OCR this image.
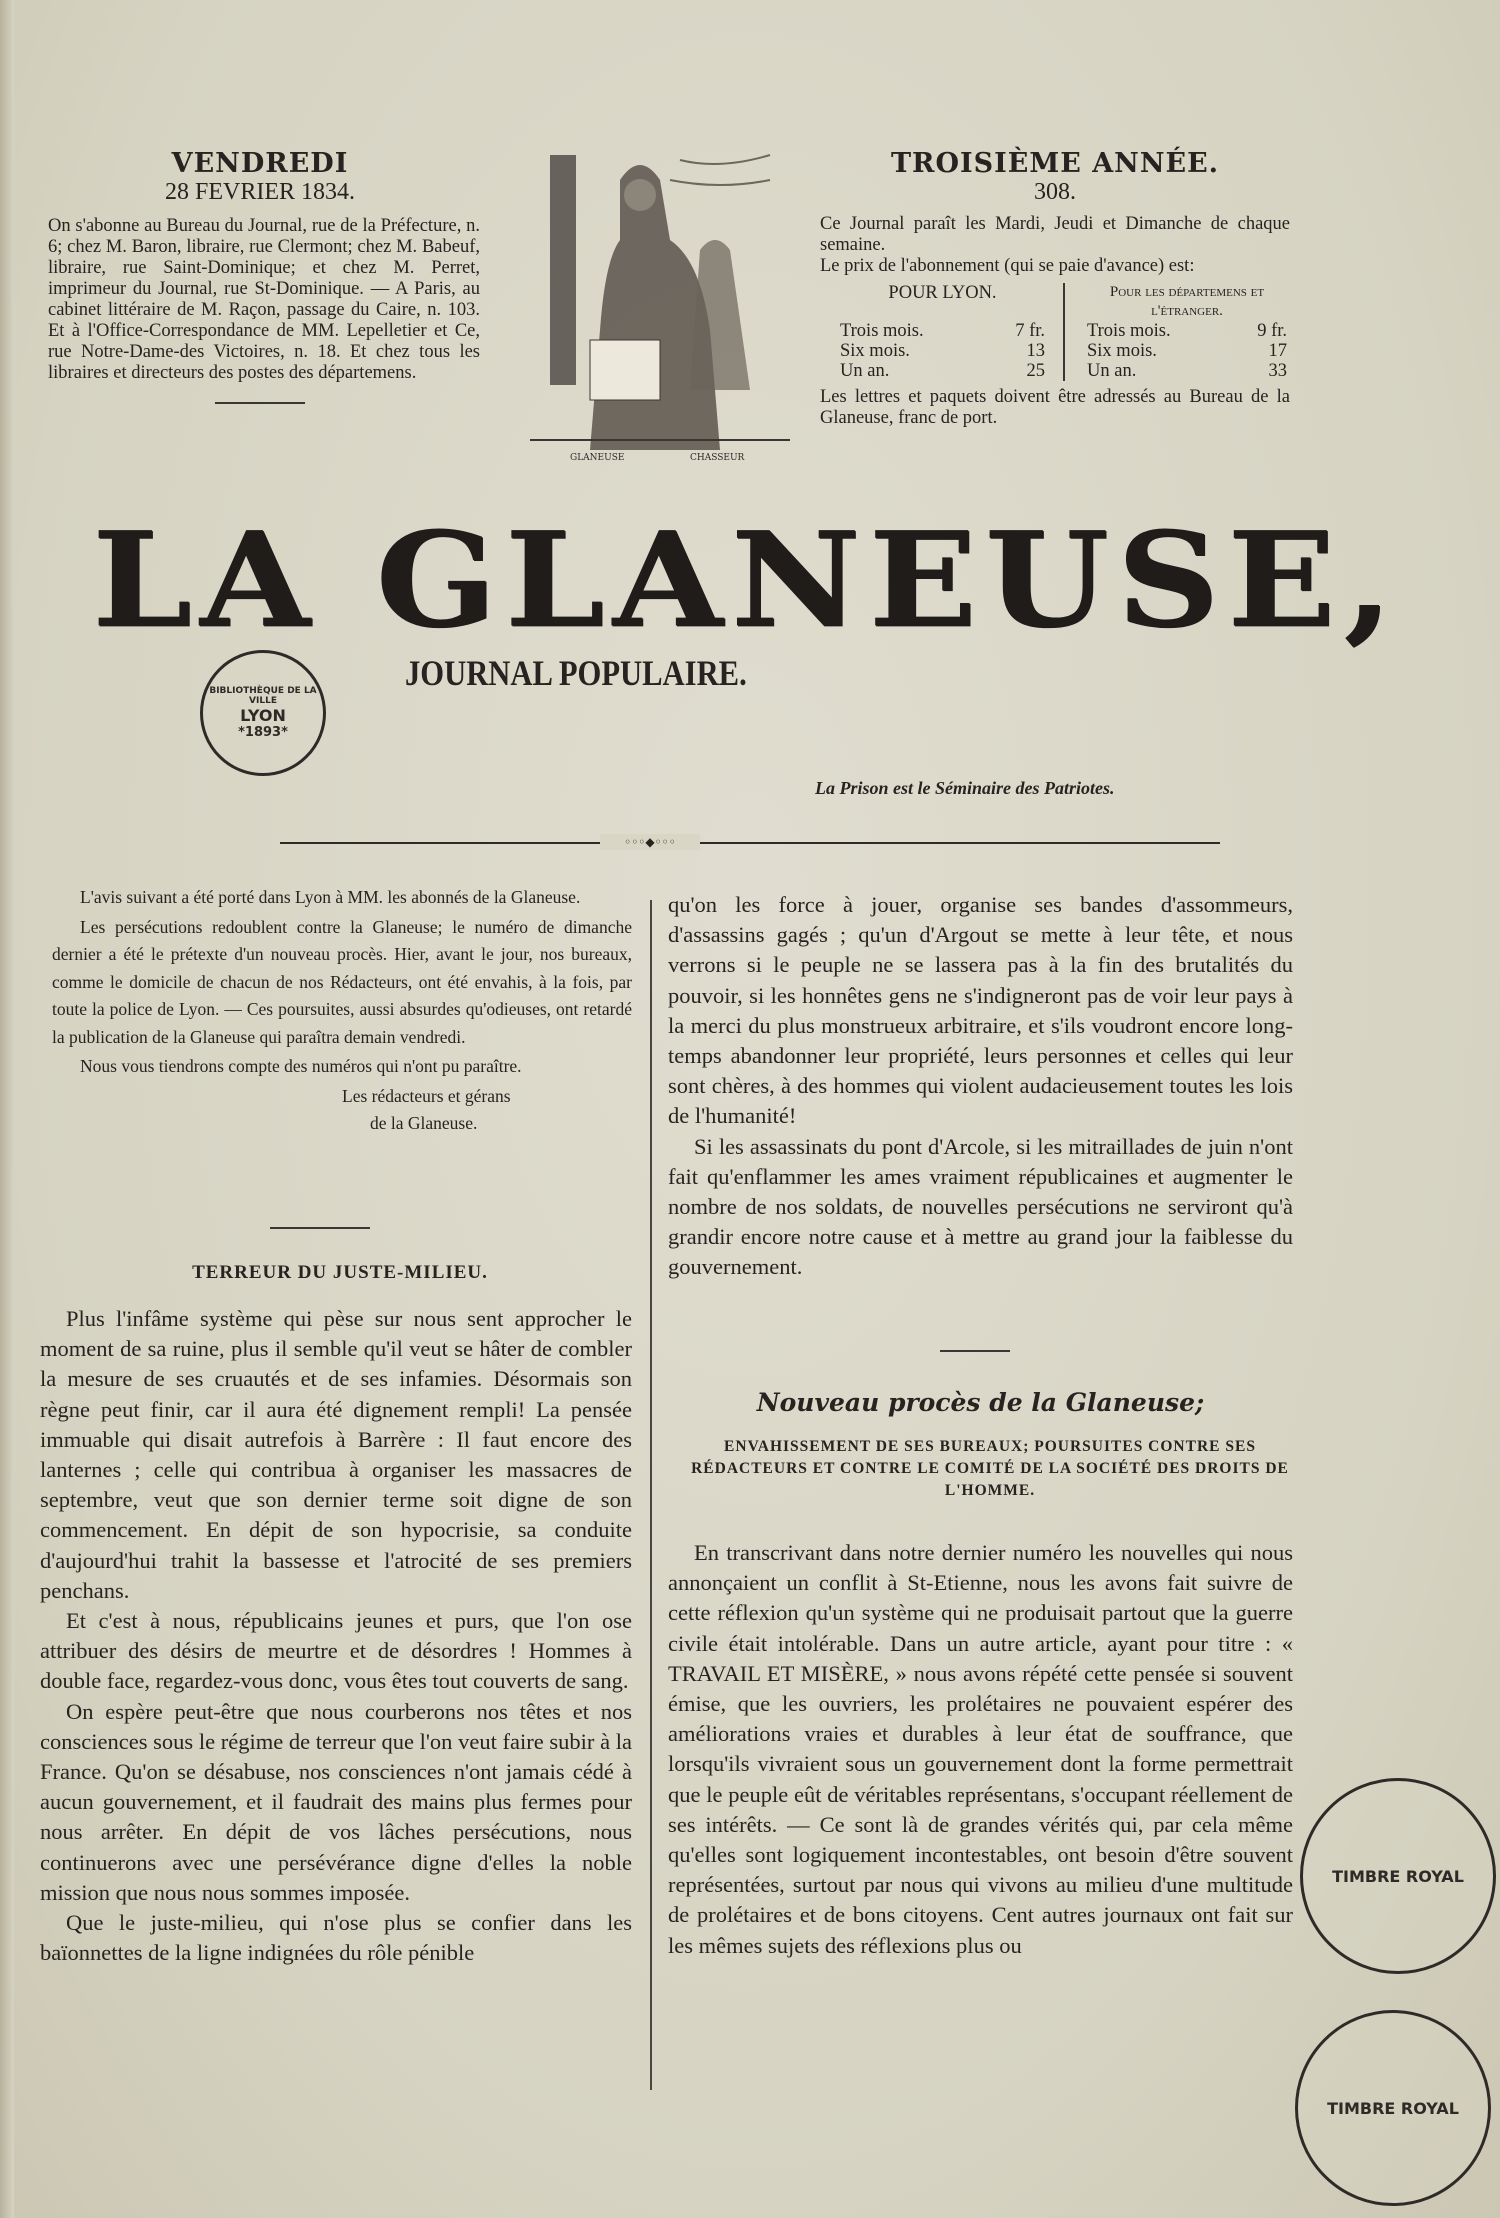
VENDREDI
28 FEVRIER 1834.
On s'abonne au Bureau du Journal, rue de la Préfecture, n. 6; chez M. Baron, libraire, rue Clermont; chez M. Babeuf, libraire, rue Saint-Dominique; et chez M. Perret, imprimeur du Journal, rue St-Dominique. — A Paris, au cabinet littéraire de M. Raçon, passage du Caire, n. 103. Et à l'Office-Correspondance de MM. Lepelletier et Ce, rue Notre-Dame-des Victoires, n. 18. Et chez tous les libraires et directeurs des postes des départemens.
GLANEUSE	CHASSEUR
TROISIÈME ANNÉE.
308.
Ce Journal paraît les Mardi, Jeudi et Dimanche de chaque semaine.
Le prix de l'abonnement (qui se paie d'avance) est:
POUR LYON.
Trois mois.	7 fr.
Six mois.	13
Un an.	25
Pour les départemens et l'étranger.
Trois mois.	9 fr.
Six mois.	17
Un an.	33
Les lettres et paquets doivent être adressés au Bureau de la Glaneuse, franc de port.
LA GLANEUSE,
JOURNAL POPULAIRE.
La Prison est le Séminaire des Patriotes.
BIBLIOTHÈQUE DE LA VILLE
LYON
*1893*
◦◦◦◆◦◦◦

L'avis suivant a été porté dans Lyon à MM. les abonnés de la Glaneuse.

Les persécutions redoublent contre la Glaneuse; le numéro de dimanche dernier a été le prétexte d'un nouveau procès. Hier, avant le jour, nos bureaux, comme le domicile de chacun de nos Rédacteurs, ont été envahis, à la fois, par toute la police de Lyon. — Ces poursuites, aussi absurdes qu'odieuses, ont retardé la publication de la Glaneuse qui paraîtra demain vendredi.

Nous vous tiendrons compte des numéros qui n'ont pu paraître.

Les rédacteurs et gérans
de la Glaneuse.
TERREUR DU JUSTE-MILIEU.

Plus l'infâme système qui pèse sur nous sent approcher le moment de sa ruine, plus il semble qu'il veut se hâter de combler la mesure de ses cruautés et de ses infamies. Désormais son règne peut finir, car il aura été dignement rempli! La pensée immuable qui disait autrefois à Barrère : Il faut encore des lanternes ; celle qui contribua à organiser les massacres de septembre, veut que son dernier terme soit digne de son commencement. En dépit de son hypocrisie, sa conduite d'aujourd'hui trahit la bassesse et l'atrocité de ses premiers penchans.

Et c'est à nous, républicains jeunes et purs, que l'on ose attribuer des désirs de meurtre et de désordres ! Hommes à double face, regardez-vous donc, vous êtes tout couverts de sang.

On espère peut-être que nous courberons nos têtes et nos consciences sous le régime de terreur que l'on veut faire subir à la France. Qu'on se désabuse, nos consciences n'ont jamais cédé à aucun gouvernement, et il faudrait des mains plus fermes pour nous arrêter. En dépit de vos lâches persécutions, nous continuerons avec une persévérance digne d'elles la noble mission que nous nous sommes imposée.

Que le juste-milieu, qui n'ose plus se confier dans les baïonnettes de la ligne indignées du rôle pénible

qu'on les force à jouer, organise ses bandes d'assommeurs, d'assassins gagés ; qu'un d'Argout se mette à leur tête, et nous verrons si le peuple ne se lassera pas à la fin des brutalités du pouvoir, si les honnêtes gens ne s'indigneront pas de voir leur pays à la merci du plus monstrueux arbitraire, et s'ils voudront encore long-temps abandonner leur propriété, leurs personnes et celles qui leur sont chères, à des hommes qui violent audacieusement toutes les lois de l'humanité!

Si les assassinats du pont d'Arcole, si les mitraillades de juin n'ont fait qu'enflammer les ames vraiment républicaines et augmenter le nombre de nos soldats, de nouvelles persécutions ne serviront qu'à grandir encore notre cause et à mettre au grand jour la faiblesse du gouvernement.

Nouveau procès de la Glaneuse;
ENVAHISSEMENT DE SES BUREAUX; POURSUITES CONTRE SES RÉDACTEURS ET CONTRE LE COMITÉ DE LA SOCIÉTÉ DES DROITS DE L'HOMME.

En transcrivant dans notre dernier numéro les nouvelles qui nous annonçaient un conflit à St-Etienne, nous les avons fait suivre de cette réflexion qu'un système qui ne produisait partout que la guerre civile était intolérable. Dans un autre article, ayant pour titre : « TRAVAIL ET MISÈRE, » nous avons répété cette pensée si souvent émise, que les ouvriers, les prolétaires ne pouvaient espérer des améliorations vraies et durables à leur état de souffrance, que lorsqu'ils vivraient sous un gouvernement dont la forme permettrait que le peuple eût de véritables représentans, s'occupant réellement de ses intérêts. — Ce sont là de grandes vérités qui, par cela même qu'elles sont logiquement incontestables, ont besoin d'être souvent représentées, surtout par nous qui vivons au milieu d'une multitude de prolétaires et de bons citoyens. Cent autres journaux ont fait sur les mêmes sujets des réflexions plus ou

TIMBRE ROYAL
TIMBRE ROYAL
